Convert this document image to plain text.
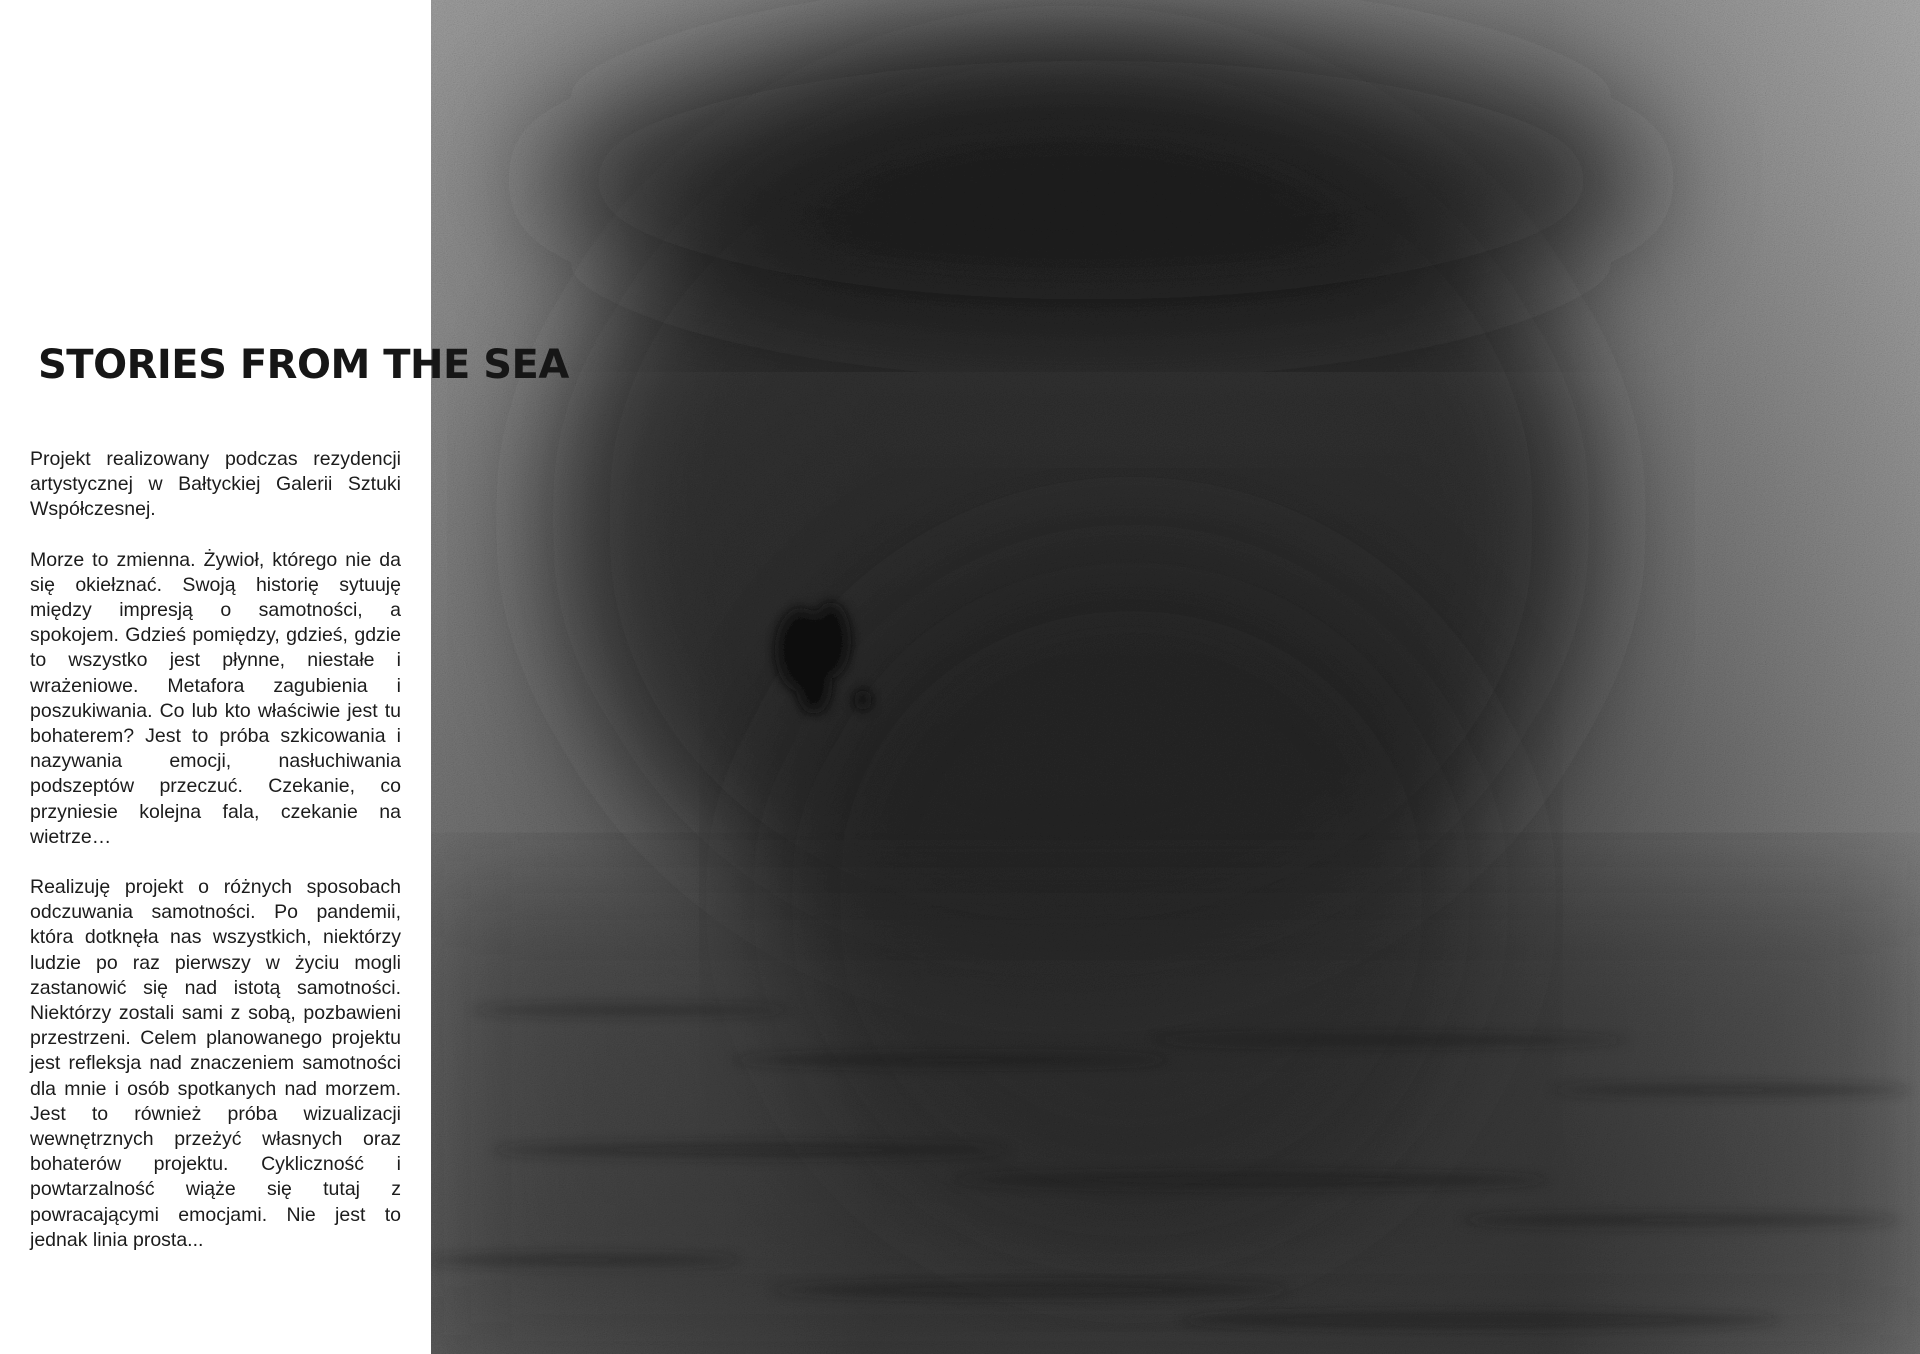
STORIES FROM THE SEA

Projekt realizowany podczas rezydencji artystycznej w Bałtyckiej Galerii Sztuki Współczesnej.

Morze to zmienna. Żywioł, którego nie da się okiełznać. Swoją historię sytuuję między impresją o samotności, a spokojem. Gdzieś pomiędzy, gdzieś, gdzie to wszystko jest płynne, niestałe i wrażeniowe. Metafora zagubienia i poszukiwania. Co lub kto właściwie jest tu bohaterem? Jest to próba szkicowania i nazywania emocji, nasłuchiwania podszeptów przeczuć. Czekanie, co przyniesie kolejna fala, czekanie na wietrze…

Realizuję projekt o różnych sposobach odczuwania samotności. Po pandemii, która dotknęła nas wszystkich, niektórzy ludzie po raz pierwszy w życiu mogli zastanowić się nad istotą samotności. Niektórzy zostali sami z sobą, pozbawieni przestrzeni. Celem planowanego projektu jest refleksja nad znaczeniem samotności dla mnie i osób spotkanych nad morzem. Jest to również próba wizualizacji wewnętrznych przeżyć własnych oraz bohaterów projektu. Cykliczność i powtarzalność wiąże się tutaj z powracającymi emocjami. Nie jest to jednak linia prosta...
